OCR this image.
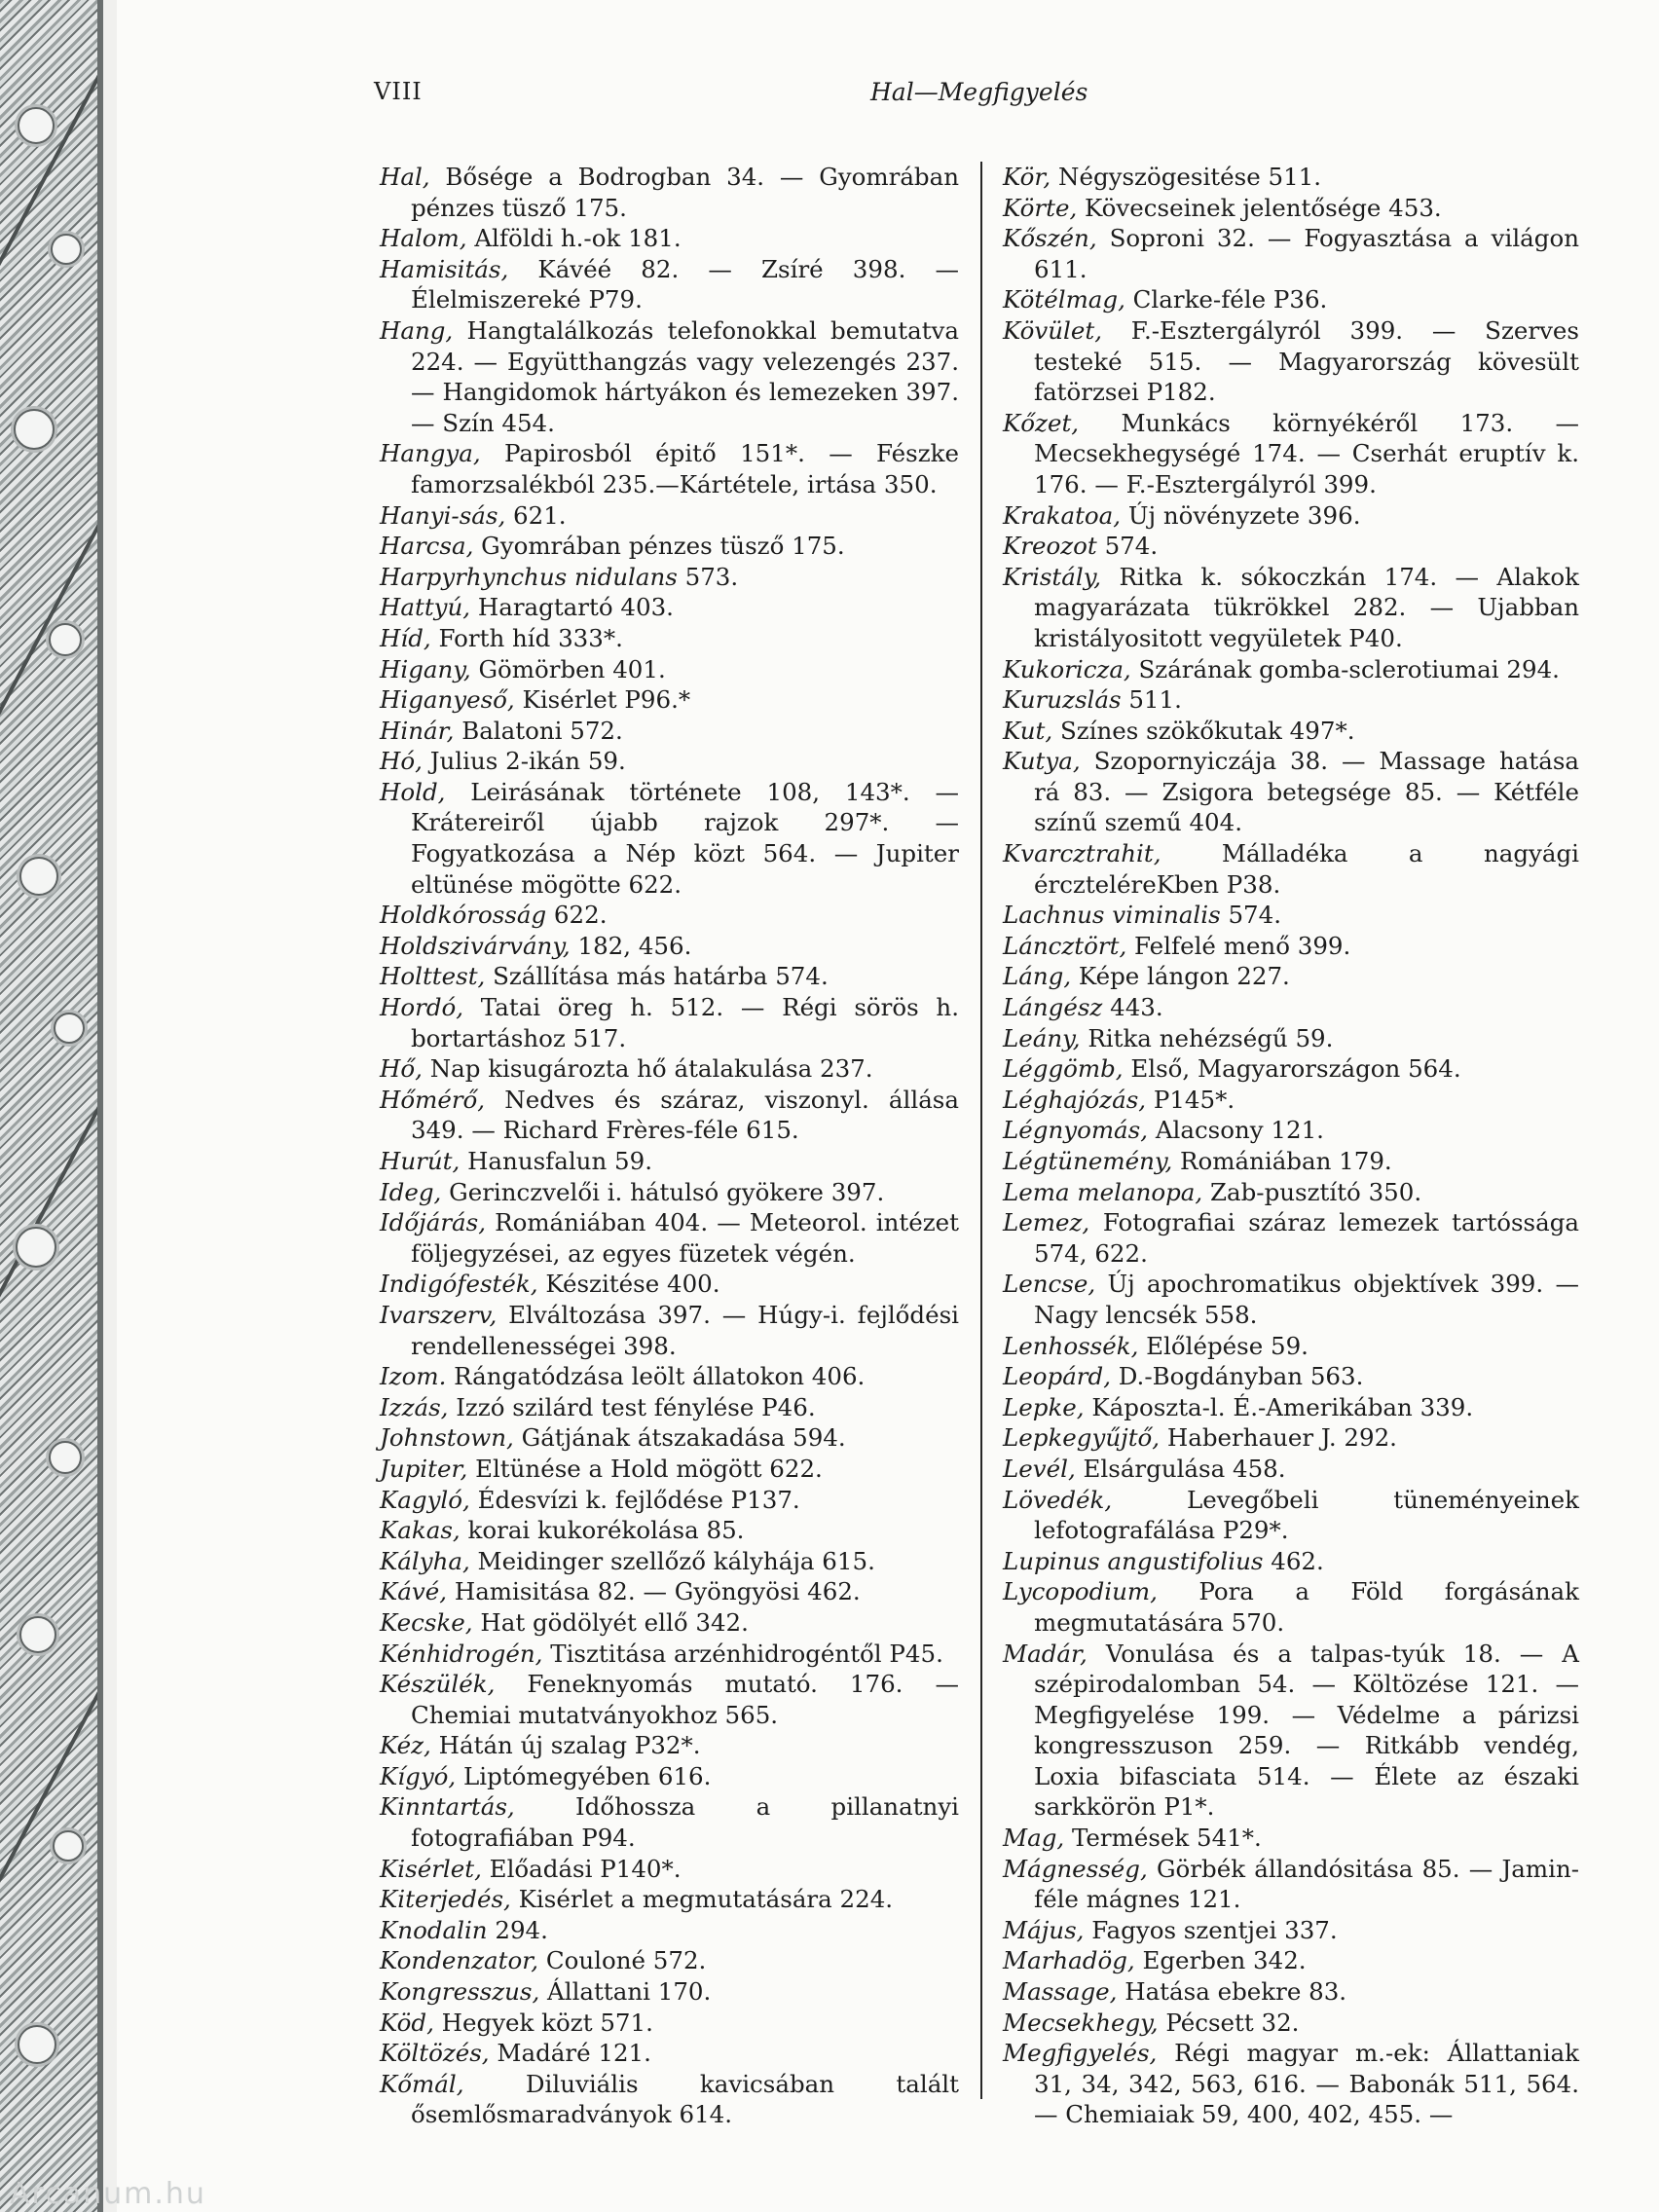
VIII	Hal—Megfigyelés
Hal, Bősége a Bodrogban 34. — Gyomrában pénzes tüsző 175.
Halom, Alföldi h.-ok 181.
Hamisitás, Kávéé 82. — Zsíré 398. — Élelmiszereké P79.
Hang, Hangtalálkozás telefonokkal bemutatva 224. — Együtthangzás vagy velezengés 237. — Hangidomok hártyákon és lemezeken 397. — Szín 454.
Hangya, Papirosból épitő 151*. — Fészke famorzsalékból 235.—Kártétele, irtása 350.
Hanyi-sás, 621.
Harcsa, Gyomrában pénzes tüsző 175.
Harpyrhynchus nidulans 573.
Hattyú, Haragtartó 403.
Híd, Forth híd 333*.
Higany, Gömörben 401.
Higanyeső, Kisérlet P96.*
Hinár, Balatoni 572.
Hó, Julius 2-ikán 59.
Hold, Leirásának története 108, 143*. — Krátereiről újabb rajzok 297*. — Fogyatkozása a Nép közt 564. — Jupiter eltünése mögötte 622.
Holdkórosság 622.
Holdszivárvány, 182, 456.
Holttest, Szállítása más határba 574.
Hordó, Tatai öreg h. 512. — Régi sörös h. bortartáshoz 517.
Hő, Nap kisugározta hő átalakulása 237.
Hőmérő, Nedves és száraz, viszonyl. állása 349. — Richard Frères-féle 615.
Hurút, Hanusfalun 59.
Ideg, Gerinczvelői i. hátulsó gyökere 397.
Időjárás, Romániában 404. — Meteorol. intézet följegyzései, az egyes füzetek végén.
Indigófesték, Készitése 400.
Ivarszerv, Elváltozása 397. — Húgy-i. fejlődési rendellenességei 398.
Izom. Rángatódzása leölt állatokon 406.
Izzás, Izzó szilárd test fénylése P46.
Johnstown, Gátjának átszakadása 594.
Jupiter, Eltünése a Hold mögött 622.
Kagyló, Édesvízi k. fejlődése P137.
Kakas, korai kukorékolása 85.
Kályha, Meidinger szellőző kályhája 615.
Kávé, Hamisitása 82. — Gyöngyösi 462.
Kecske, Hat gödölyét ellő 342.
Kénhidrogén, Tisztitása arzénhidrogéntől P45.
Készülék, Feneknyomás mutató. 176. — Chemiai mutatványokhoz 565.
Kéz, Hátán új szalag P32*.
Kígyó, Liptómegyében 616.
Kinntartás, Időhossza a pillanatnyi fotografiában P94.
Kisérlet, Előadási P140*.
Kiterjedés, Kisérlet a megmutatására 224.
Knodalin 294.
Kondenzator, Couloné 572.
Kongresszus, Állattani 170.
Köd, Hegyek közt 571.
Költözés, Madáré 121.
Kőmál, Diluviális kavicsában talált ősemlősmaradványok 614.
Kör, Négyszögesitése 511.
Körte, Kövecseinek jelentősége 453.
Kőszén, Soproni 32. — Fogyasztása a világon 611.
Kötélmag, Clarke-féle P36.
Kövület, F.-Esztergályról 399. — Szerves testeké 515. — Magyarország kövesült fatörzsei P182.
Kőzet, Munkács környékéről 173. — Mecsekhegységé 174. — Cserhát eruptív k. 176. — F.-Esztergályról 399.
Krakatoa, Új növényzete 396.
Kreozot 574.
Kristály, Ritka k. sókoczkán 174. — Alakok magyarázata tükrökkel 282. — Ujabban kristályositott vegyületek P40.
Kukoricza, Szárának gomba-sclerotiumai 294.
Kuruzslás 511.
Kut, Színes szökőkutak 497*.
Kutya, Szopornyiczája 38. — Massage hatása rá 83. — Zsigora betegsége 85. — Kétféle színű szemű 404.
Kvarcztrahit, Málladéka a nagyági érczteléreKben P38.
Lachnus viminalis 574.
Láncztört, Felfelé menő 399.
Láng, Képe lángon 227.
Lángész 443.
Leány, Ritka nehézségű 59.
Léggömb, Első, Magyarországon 564.
Léghajózás, P145*.
Légnyomás, Alacsony 121.
Légtünemény, Romániában 179.
Lema melanopa, Zab-pusztító 350.
Lemez, Fotografiai száraz lemezek tartóssága 574, 622.
Lencse, Új apochromatikus objektívek 399. — Nagy lencsék 558.
Lenhossék, Előlépése 59.
Leopárd, D.-Bogdányban 563.
Lepke, Káposzta-l. É.-Amerikában 339.
Lepkegyűjtő, Haberhauer J. 292.
Levél, Elsárgulása 458.
Lövedék, Levegőbeli tüneményeinek lefotografálása P29*.
Lupinus angustifolius 462.
Lycopodium, Pora a Föld forgásának megmutatására 570.
Madár, Vonulása és a talpas-tyúk 18. — A szépirodalomban 54. — Költözése 121. — Megfigyelése 199. — Védelme a párizsi kongresszuson 259. — Ritkább vendég, Loxia bifasciata 514. — Élete az északi sarkkörön P1*.
Mag, Termések 541*.
Mágnesség, Görbék állandósitása 85. — Jamin-féle mágnes 121.
Május, Fagyos szentjei 337.
Marhadög, Egerben 342.
Massage, Hatása ebekre 83.
Mecsekhegy, Pécsett 32.
Megfigyelés, Régi magyar m.-ek: Állattaniak 31, 34, 342, 563, 616. — Babonák 511, 564. — Chemiaiak 59, 400, 402, 455. —
Arcanum.hu
